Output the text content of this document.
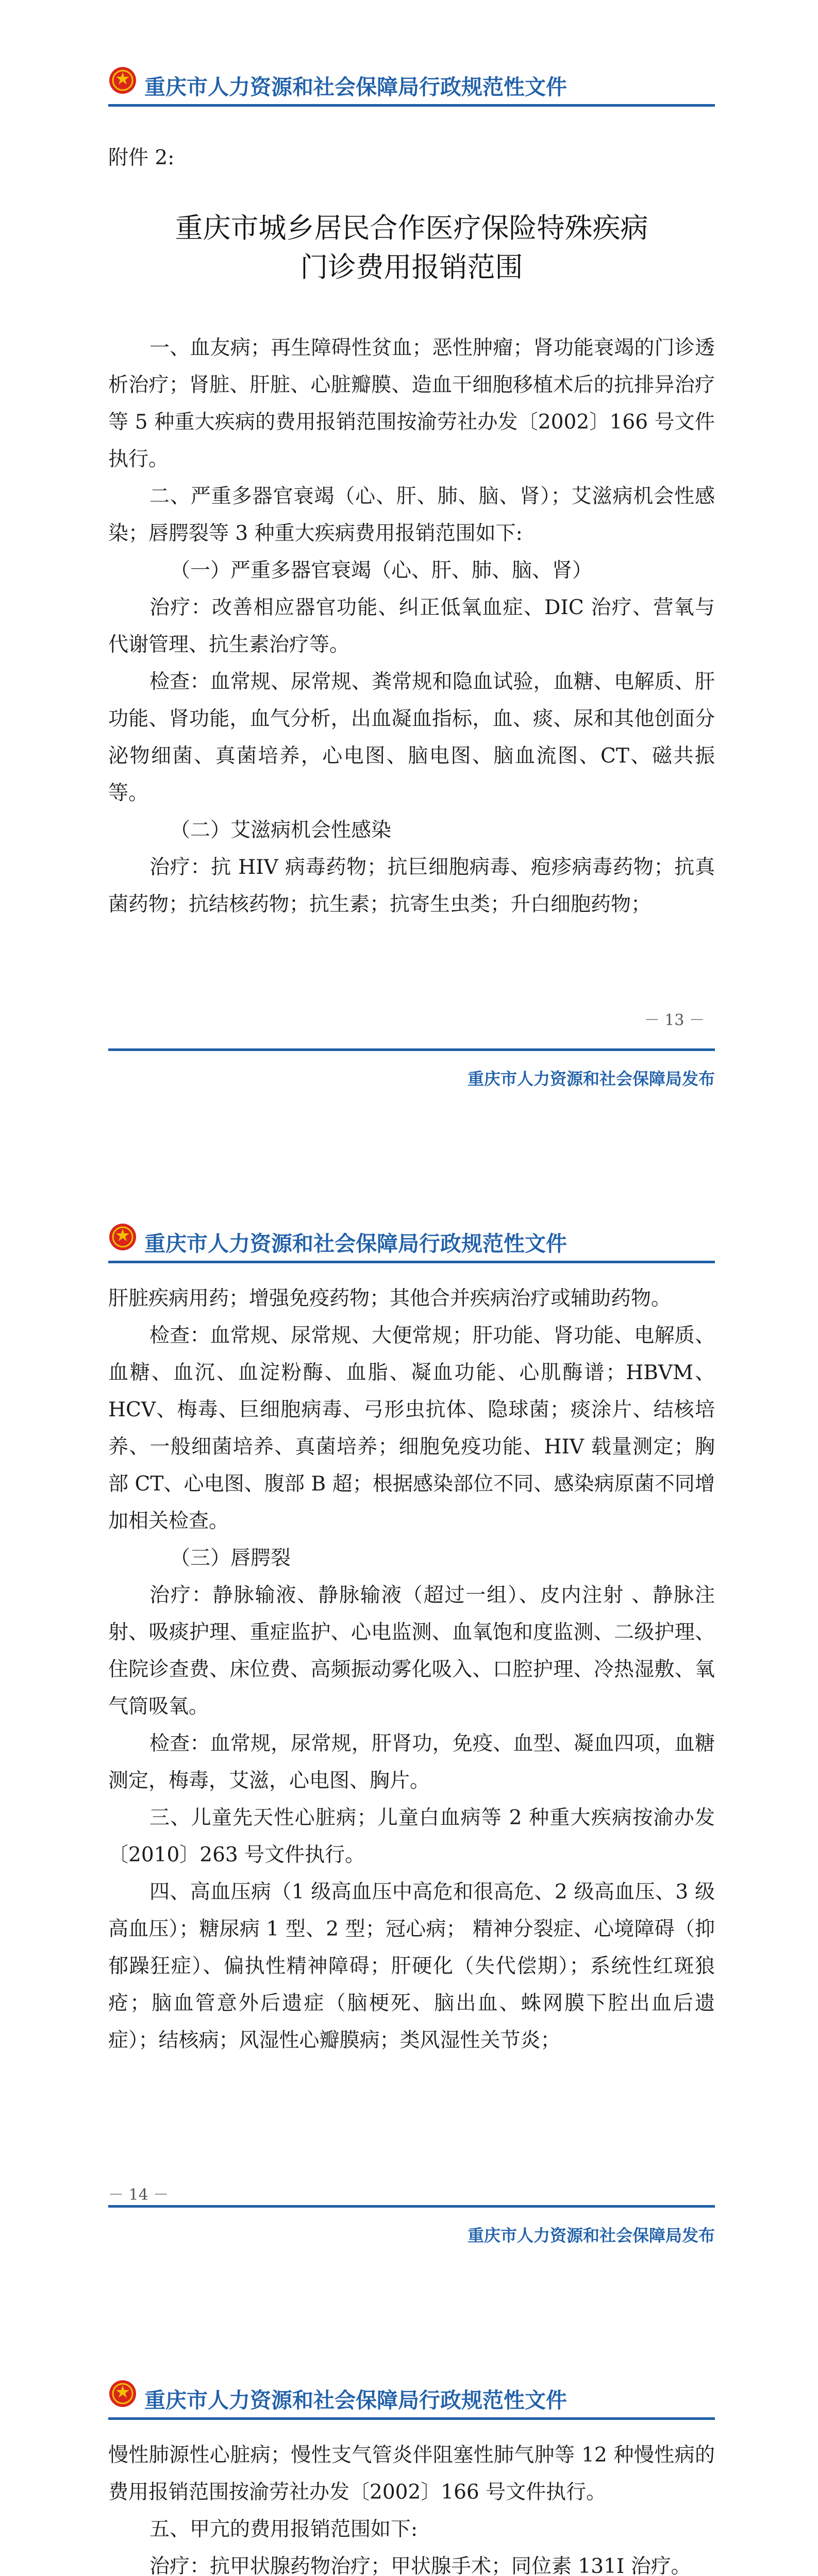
重庆市人力资源和社会保障局行政规范性文件
附件 2:
重庆市城乡居民合作医疗保险特殊疾病
门诊费用报销范围

一、血友病；再生障碍性贫血；恶性肿瘤；肾功能衰竭的门诊透析治疗；肾脏、肝脏、心脏瓣膜、造血干细胞移植术后的抗排异治疗等 5 种重大疾病的费用报销范围按渝劳社办发〔2002〕166 号文件执行。

二、严重多器官衰竭（心、肝、肺、脑、肾）；艾滋病机会性感染；唇腭裂等 3 种重大疾病费用报销范围如下:

（一）严重多器官衰竭（心、肝、肺、脑、肾）

治疗：改善相应器官功能、纠正低氧血症、DIC 治疗、营氧与代谢管理、抗生素治疗等。

检查：血常规、尿常规、粪常规和隐血试验，血糖、电解质、肝功能、肾功能，血气分析，出血凝血指标，血、痰、尿和其他创面分泌物细菌、真菌培养，心电图、脑电图、脑血流图、CT、磁共振等。

（二）艾滋病机会性感染

治疗：抗 HIV 病毒药物；抗巨细胞病毒、疱疹病毒药物；抗真菌药物；抗结核药物；抗生素；抗寄生虫类；升白细胞药物；

－ 13 －
重庆市人力资源和社会保障局发布
重庆市人力资源和社会保障局行政规范性文件

肝脏疾病用药；增强免疫药物；其他合并疾病治疗或辅助药物。

检查：血常规、尿常规、大便常规；肝功能、肾功能、电解质、血糖、血沉、血淀粉酶、血脂、凝血功能、心肌酶谱；HBVM、HCV、梅毒、巨细胞病毒、弓形虫抗体、隐球菌；痰涂片、结核培养、一般细菌培养、真菌培养；细胞免疫功能、HIV 载量测定；胸部 CT、心电图、腹部 B 超；根据感染部位不同、感染病原菌不同增加相关检查。

（三）唇腭裂

治疗：静脉输液、静脉输液（超过一组）、皮内注射 、静脉注射、吸痰护理、重症监护、心电监测、血氧饱和度监测、二级护理、住院诊查费、床位费、高频振动雾化吸入、口腔护理、冷热湿敷、氧气筒吸氧。

检查：血常规，尿常规，肝肾功，免疫、血型、凝血四项，血糖测定，梅毒，艾滋，心电图、胸片。

三、儿童先天性心脏病；儿童白血病等 2 种重大疾病按渝办发〔2010〕263 号文件执行。

四、高血压病（1 级高血压中高危和很高危、2 级高血压、3 级高血压）；糖尿病 1 型、2 型；冠心病； 精神分裂症、心境障碍（抑郁躁狂症）、偏执性精神障碍；肝硬化（失代偿期）；系统性红斑狼疮；脑血管意外后遗症（脑梗死、脑出血、蛛网膜下腔出血后遗症）；结核病；风湿性心瓣膜病；类风湿性关节炎；

－ 14 －
重庆市人力资源和社会保障局发布
重庆市人力资源和社会保障局行政规范性文件

慢性肺源性心脏病；慢性支气管炎伴阻塞性肺气肿等 12 种慢性病的费用报销范围按渝劳社办发〔2002〕166 号文件执行。

五、甲亢的费用报销范围如下:

治疗：抗甲状腺药物治疗；甲状腺手术；同位素 131I 治疗。
